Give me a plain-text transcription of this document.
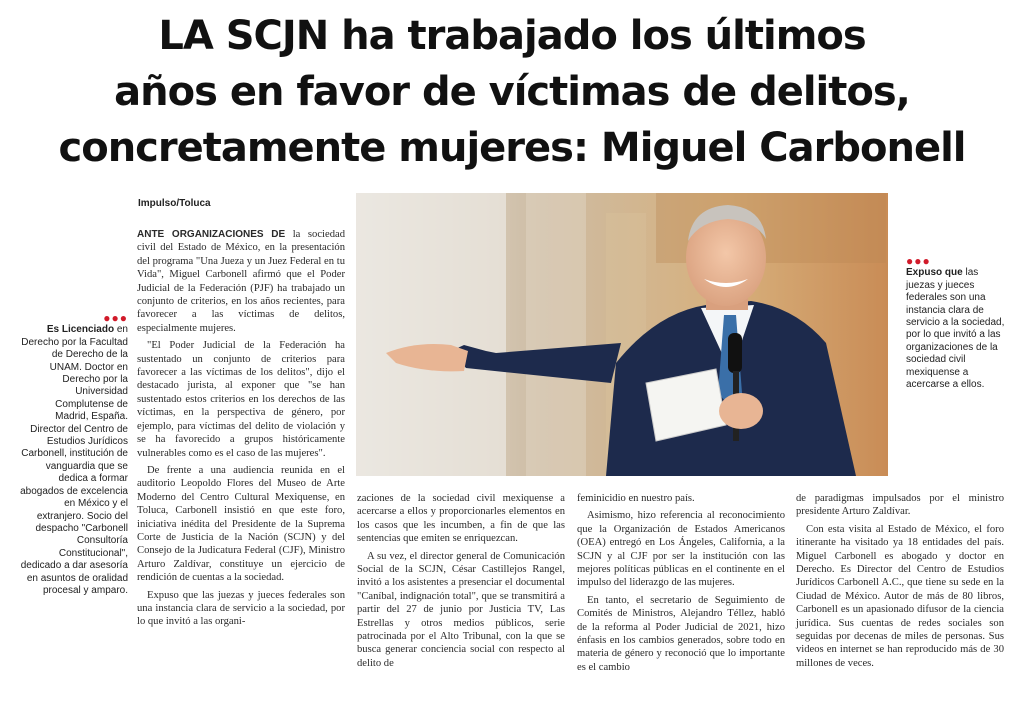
LA SCJN ha trabajado los últimos
años en favor de víctimas de delitos,
concretamente mujeres: Miguel Carbonell
Impulso/Toluca
●●●
Es Licenciado en Derecho por la Facultad de Derecho de la UNAM. Doctor en Derecho por la Universidad Complutense de Madrid, España. Director del Centro de Estudios Jurídicos Carbonell, institución de vanguardia que se dedica a formar abogados de excelencia en México y el extranjero. Socio del despacho "Carbonell Consultoría Constitucional", dedicado a dar asesoría en asuntos de oralidad procesal y amparo.

ANTE ORGANIZACIONES DE la sociedad civil del Estado de México, en la presentación del programa "Una Jueza y un Juez Federal en tu Vida", Miguel Carbonell afirmó que el Poder Judicial de la Federación (PJF) ha trabajado un conjunto de criterios, en los años recientes, para favorecer a las víctimas de delitos, especialmente mujeres.

"El Poder Judicial de la Federación ha sustentado un conjunto de criterios para favorecer a las víctimas de los delitos", dijo el destacado jurista, al exponer que "se han sustentado estos criterios en los derechos de las víctimas, en la perspectiva de género, por ejemplo, para víctimas del delito de violación y se ha favorecido a grupos históricamente vulnerables como es el caso de las mujeres".

De frente a una audiencia reunida en el auditorio Leopoldo Flores del Museo de Arte Moderno del Centro Cultural Mexiquense, en Toluca, Carbonell insistió en que este foro, iniciativa inédita del Presidente de la Suprema Corte de Justicia de la Nación (SCJN) y del Consejo de la Judicatura Federal (CJF), Ministro Arturo Zaldívar, constituye un ejercicio de rendición de cuentas a la sociedad.

Expuso que las juezas y jueces federales son una instancia clara de servicio a la sociedad, por lo que invitó a las organi-

●●●
Expuso que las juezas y jueces federales son una instancia clara de servicio a la sociedad, por lo que invitó a las organizaciones de la sociedad civil mexiquense a acercarse a ellos.

zaciones de la sociedad civil mexiquense a acercarse a ellos y proporcionarles elementos en los casos que les incumben, a fin de que las sentencias que emiten se enriquezcan.

A su vez, el director general de Comunicación Social de la SCJN, César Castillejos Rangel, invitó a los asistentes a presenciar el documental "Caníbal, indignación total", que se transmitirá a partir del 27 de junio por Justicia TV, Las Estrellas y otros medios públicos, serie patrocinada por el Alto Tribunal, con la que se busca generar conciencia social con respecto al delito de

feminicidio en nuestro país.

Asimismo, hizo referencia al reconocimiento que la Organización de Estados Americanos (OEA) entregó en Los Ángeles, California, a la SCJN y al CJF por ser la institución con las mejores políticas públicas en el continente en el impulso del liderazgo de las mujeres.

En tanto, el secretario de Seguimiento de Comités de Ministros, Alejandro Téllez, habló de la reforma al Poder Judicial de 2021, hizo énfasis en los cambios generados, sobre todo en materia de género y reconoció que lo importante es el cambio

de paradigmas impulsados por el ministro presidente Arturo Zaldívar.

Con esta visita al Estado de México, el foro itinerante ha visitado ya 18 entidades del país. Miguel Carbonell es abogado y doctor en Derecho. Es Director del Centro de Estudios Jurídicos Carbonell A.C., que tiene su sede en la Ciudad de México. Autor de más de 80 libros, Carbonell es un apasionado difusor de la ciencia jurídica. Sus cuentas de redes sociales son seguidas por decenas de miles de personas. Sus videos en internet se han reproducido más de 30 millones de veces.
